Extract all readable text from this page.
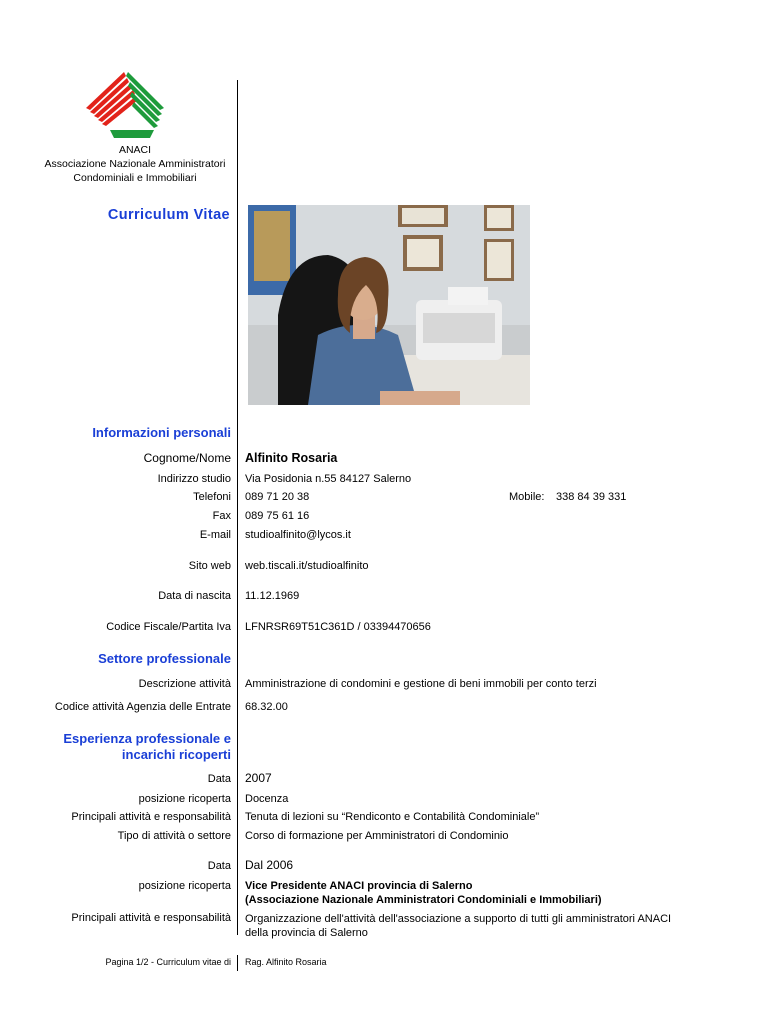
ANACI
Associazione Nazionale Amministratori
Condominiali e Immobiliari
Curriculum Vitae
Informazioni personali
Cognome/Nome Alfinito Rosaria
Indirizzo studio Via Posidonia n.55 84127 Salerno
Telefoni 089 71 20 38	Mobile: 338 84 39 331
Fax 089 75 61 16
E-mail studioalfinito@lycos.it
Sito web web.tiscali.it/studioalfinito
Data di nascita 11.12.1969
Codice Fiscale/Partita Iva LFNRSR69T51C361D / 03394470656
Settore professionale
Descrizione attività Amministrazione di condomini e gestione di beni immobili per conto terzi
Codice attività Agenzia delle Entrate 68.32.00
Esperienza professionale e
incarichi ricoperti
Data 2007
posizione ricoperta Docenza
Principali attività e responsabilità Tenuta di lezioni su “Rendiconto e Contabilità Condominiale”
Tipo di attività o settore Corso di formazione per Amministratori di Condominio
Data Dal 2006
posizione ricoperta Vice Presidente ANACI provincia di Salerno
(Associazione Nazionale Amministratori Condominiali e Immobiliari)
Principali attività e responsabilità Organizzazione dell'attività dell'associazione a supporto di tutti gli amministratori ANACI della provincia di Salerno
Pagina 1/2 - Curriculum vitae di Rag. Alfinito Rosaria
